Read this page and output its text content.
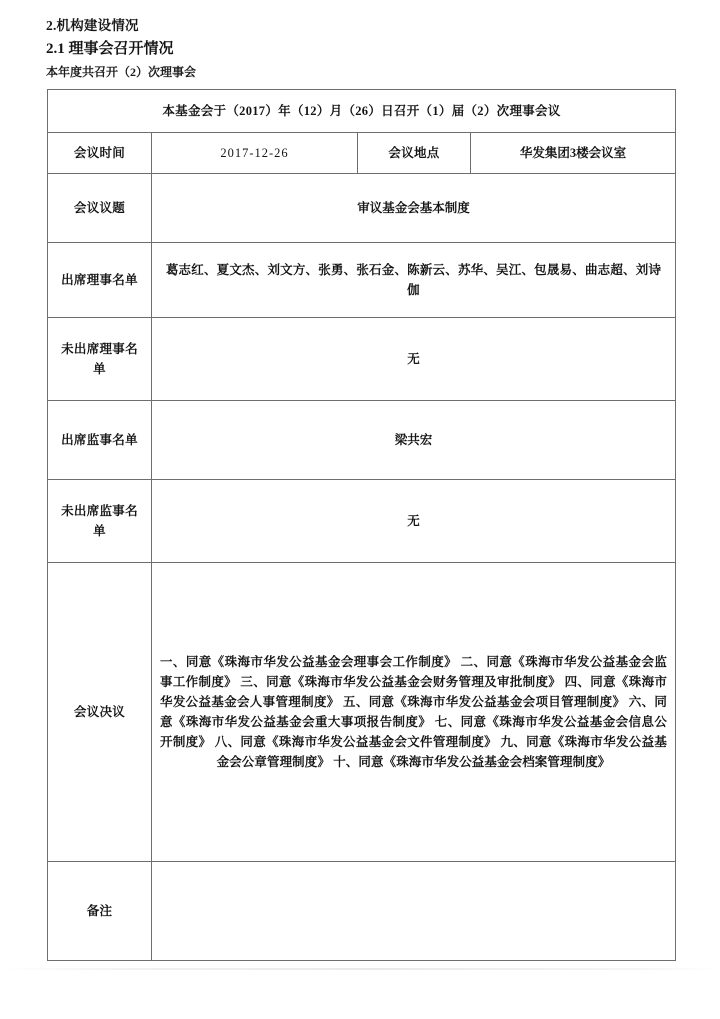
2.机构建设情况

2.1 理事会召开情况

本年度共召开（2）次理事会

本基金会于（2017）年（12）月（26）日召开（1）届（2）次理事会议			
会议时间	2017-12-26	会议地点	华发集团3楼会议室
会议议题	审议基金会基本制度		
出席理事名单	葛志红、夏文杰、刘文方、张勇、张石金、陈新云、苏华、吴江、包晟易、曲志超、刘诗伽		
未出席理事名单	无		
出席监事名单	梁共宏		
未出席监事名单	无		
会议决议	一、同意《珠海市华发公益基金会理事会工作制度》 二、同意《珠海市华发公益基金会监事工作制度》 三、同意《珠海市华发公益基金会财务管理及审批制度》 四、同意《珠海市华发公益基金会人事管理制度》 五、同意《珠海市华发公益基金会项目管理制度》 六、同意《珠海市华发公益基金会重大事项报告制度》 七、同意《珠海市华发公益基金会信息公开制度》 八、同意《珠海市华发公益基金会文件管理制度》 九、同意《珠海市华发公益基金会公章管理制度》 十、同意《珠海市华发公益基金会档案管理制度》		
备注			
